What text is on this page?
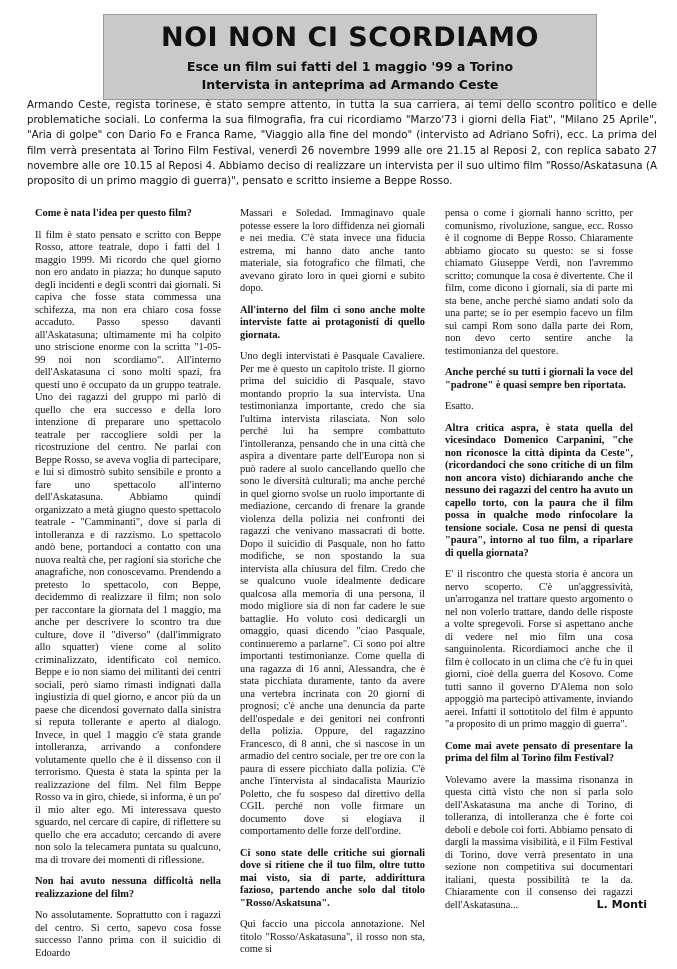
NOI NON CI SCORDIAMO
Esce un film sui fatti del 1 maggio '99 a Torino
Intervista in anteprima ad Armando Ceste
Armando Ceste, regista torinese, è stato sempre attento, in tutta la sua carriera, ai temi dello scontro politico e delle problematiche sociali. Lo conferma la sua filmografia, fra cui ricordiamo "Marzo'73 i giorni della Fiat", "Milano 25 Aprile", "Aria di golpe" con Dario Fo e Franca Rame, "Viaggio alla fine del mondo" (intervisto ad Adriano Sofri), ecc. La prima del film verrà presentata al Torino Film Festival, venerdì 26 novembre 1999 alle ore 21.15 al Reposi 2, con replica sabato 27 novembre alle ore 10.15 al Reposi 4. Abbiamo deciso di realizzare un intervista per il suo ultimo film "Rosso/Askatasuna (A proposito di un primo maggio di guerra)", pensato e scritto insieme a Beppe Rosso.

Come è nata l'idea per questo film?

Il film è stato pensato e scritto con Beppe Rosso, attore teatrale, dopo i fatti del 1 maggio 1999. Mi ricordo che quel giorno non ero andato in piazza; ho dunque saputo degli incidenti e degli scontri dai giornali. Si capiva che fosse stata commessa una schifezza, ma non era chiaro cosa fosse accaduto. Passo spesso davanti all'Askatasuna; ultimamente mi ha colpito uno striscione enorme con la scritta "1-05-99 noi non scordiamo". All'interno dell'Askatasuna ci sono molti spazi, fra questi uno è occupato da un gruppo teatrale. Uno dei ragazzi del gruppo mi parlò di quello che era successo e della loro intenzione di preparare uno spettacolo teatrale per raccogliere soldi per la ricostruzione del centro. Ne parlai con Beppe Rosso, se aveva voglia di partecipare, e lui si dimostrò subito sensibile e pronto a fare uno spettacolo all'interno dell'Askatasuna. Abbiamo quindi organizzato a metà giugno questo spettacolo teatrale - "Camminanti", dove si parla di intolleranza e di razzismo. Lo spettacolo andò bene, portandoci a contatto con una nuova realtà che, per ragioni sia storiche che anagrafiche, non conoscevamo. Prendendo a pretesto lo spettacolo, con Beppe, decidemmo di realizzare il film; non solo per raccontare la giornata del 1 maggio, ma anche per descrivere lo scontro tra due culture, dove il "diverso" (dall'immigrato allo squatter) viene come al solito criminalizzato, identificato col nemico. Beppe e io non siamo dei militanti dei centri sociali, però siamo rimasti indignati dalla ingiustizia di quel giorno, e ancor più da un paese che dicendosi governato dalla sinistra si reputa tollerante e aperto al dialogo. Invece, in quel 1 maggio c'è stata grande intolleranza, arrivando a confondere volutamente quello che è il dissenso con il terrorismo. Questa è stata la spinta per la realizzazione del film. Nel film Beppe Rosso va in giro, chiede, si informa, è un po' il mio alter ego. Mi interessava questo sguardo, nel cercare di capire, di riflettere su quello che era accaduto; cercando di avere non solo la telecamera puntata su qualcuno, ma di trovare dei momenti di riflessione.

Non hai avuto nessuna difficoltà nella realizzazione del film?

No assolutamente. Soprattutto con i ragazzi del centro. Sì certo, sapevo cosa fosse successo l'anno prima con il suicidio di Edoardo

Massari e Soledad. Immaginavo quale potesse essere la loro diffidenza nei giornali e nei media. C'è stata invece una fiducia estrema, mi hanno dato anche tanto materiale, sia fotografico che filmati, che avevano girato loro in quei giorni e subito dopo.

All'interno del film ci sono anche molte interviste fatte ai protagonisti di quello giornata.

Uno degli intervistati è Pasquale Cavaliere. Per me è questo un capitolo triste. Il giorno prima del suicidio di Pasquale, stavo montando proprio la sua intervista. Una testimonianza importante, credo che sia l'ultima intervista rilasciata. Non solo perché lui ha sempre combattuto l'intolleranza, pensando che in una città che aspira a diventare parte dell'Europa non si può radere al suolo cancellando quello che sono le diversità culturali; ma anche perché in quel giorno svolse un ruolo importante di mediazione, cercando di frenare la grande violenza della polizia nei confronti dei ragazzi che venivano massacrati di botte. Dopo il suicidio di Pasquale, non ho fatto modifiche, se non spostando la sua intervista alla chiusura del film. Credo che se qualcuno vuole idealmente dedicare qualcosa alla memoria di una persona, il modo migliore sia di non far cadere le sue battaglie. Ho voluto così dedicargli un omaggio, quasi dicendo "ciao Pasquale, continueremo a parlarne". Ci sono poi altre importanti testimonianze. Come quella di una ragazza di 16 anni, Alessandra, che è stata picchiata duramente, tanto da avere una vertebra incrinata con 20 giorni di prognosi; c'è anche una denuncia da parte dell'ospedale e dei genitori nei confronti della polizia. Oppure, del ragazzino Francesco, di 8 anni, che si nascose in un armadio del centro sociale, per tre ore con la paura di essere picchiato dalla polizia. C'è anche l'intervista al sindacalista Maurizio Poletto, che fu sospeso dal direttivo della CGIL perché non volle firmare un documento dove si elogiava il comportamento delle forze dell'ordine.

Ci sono state delle critiche sui giornali dove si ritiene che il tuo film, oltre tutto mai visto, sia di parte, addirittura fazioso, partendo anche solo dal titolo "Rosso/Askatsuna".

Qui faccio una piccola annotazione. Nel titolo "Rosso/Askatasuna", il rosso non sta, come si

pensa o come i giornali hanno scritto, per comunismo, rivoluzione, sangue, ecc. Rosso è il cognome di Beppe Rosso. Chiaramente abbiamo giocato su questo: se si fosse chiamato Giuseppe Verdi, non l'avremmo scritto; comunque la cosa è divertente. Che il film, come dicono i giornali, sia di parte mi sta bene, anche perché siamo andati solo da una parte; se io per esempio facevo un film sui campi Rom sono dalla parte dei Rom, non devo certo sentire anche la testimonianza del questore.

Anche perché su tutti i giornali la voce del "padrone" è quasi sempre ben riportata.

Esatto.

Altra critica aspra, è stata quella del vicesindaco Domenico Carpanini, "che non riconosce la città dipinta da Ceste", (ricordandoci che sono critiche di un film non ancora visto) dichiarando anche che nessuno dei ragazzi del centro ha avuto un capello torto, con la paura che il film possa in qualche modo rinfocolare la tensione sociale. Cosa ne pensi di questa "paura", intorno al tuo film, a riparlare di quella giornata?

E' il riscontro che questa storia è ancora un nervo scoperto. C'è un'aggressività, un'arroganza nel trattare questo argomento o nel non volerlo trattare, dando delle risposte a volte spregevoli. Forse si aspettano anche di vedere nel mio film una cosa sanguinolenta. Ricordiamoci anche che il film è collocato in un clima che c'è fu in quei giorni, cioè della guerra del Kosovo. Come tutti sanno il governo D'Alema non solo appoggiò ma partecipò attivamente, inviando aerei. Infatti il sottotitolo del film è appunto "a proposito di un primo maggio di guerra".

Come mai avete pensato di presentare la prima del film al Torino film Festival?

Volevamo avere la massima risonanza in questa città visto che non si parla solo dell'Askatasuna ma anche di Torino, di tolleranza, di intolleranza che è forte coi deboli e debole coi forti. Abbiamo pensato di dargli la massima visibilità, e il Film Festival di Torino, dove verrà presentato in una sezione non competitiva sui documentari italiani, questa possibilità te la da. Chiaramente con il consenso dei ragazzi dell'Askatasuna...	L. Monti
